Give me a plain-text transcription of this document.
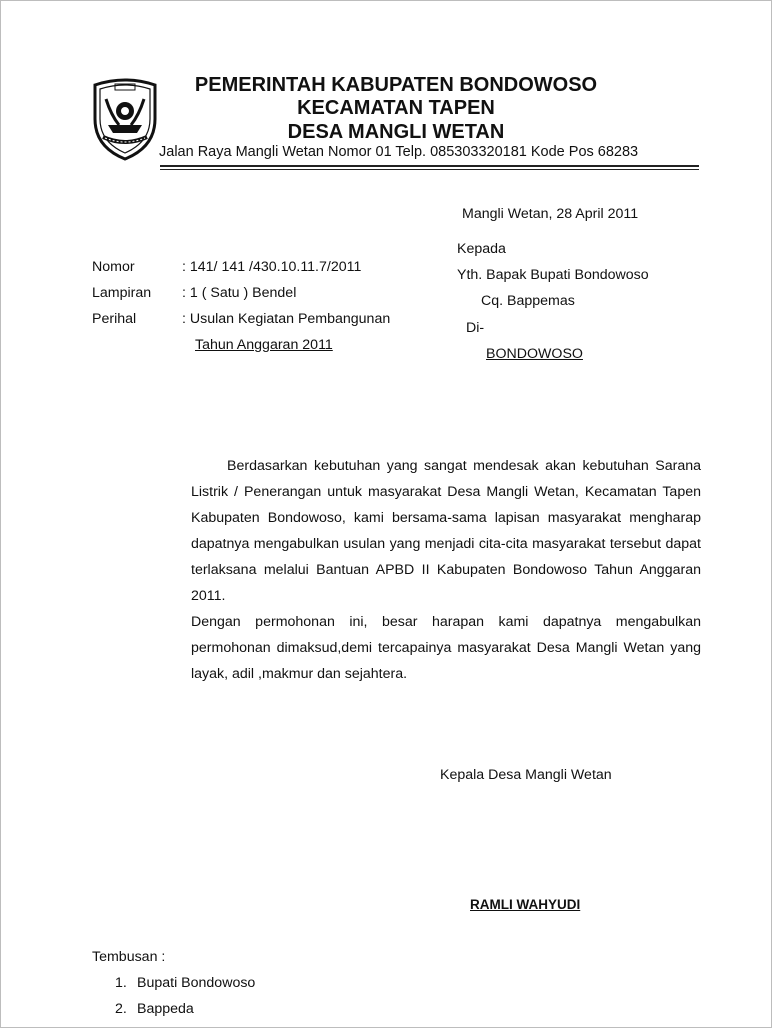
PEMERINTAH KABUPATEN BONDOWOSO
KECAMATAN TAPEN
DESA MANGLI WETAN
Jalan Raya Mangli Wetan Nomor 01 Telp. 085303320181 Kode Pos 68283
Mangli Wetan, 28 April 2011
Kepada
Yth. Bapak Bupati Bondowoso
Cq. Bappemas
Di-
BONDOWOSO
Nomor	: 141/ 141 /430.10.11.7/2011
Lampiran : 1 ( Satu ) Bendel
Perihal	: Usulan Kegiatan Pembangunan
Tahun Anggaran 2011

Berdasarkan kebutuhan yang sangat mendesak akan kebutuhan Sarana Listrik / Penerangan untuk masyarakat Desa Mangli Wetan, Kecamatan Tapen Kabupaten Bondowoso, kami bersama-sama lapisan masyarakat mengharap dapatnya mengabulkan usulan yang menjadi cita-cita masyarakat tersebut dapat terlaksana melalui Bantuan APBD II Kabupaten Bondowoso Tahun Anggaran 2011.

Dengan permohonan ini, besar harapan kami dapatnya mengabulkan permohonan dimaksud,demi tercapainya masyarakat Desa Mangli Wetan yang layak, adil ,makmur dan sejahtera.

Kepala Desa Mangli Wetan
RAMLI WAHYUDI
Tembusan :
1. Bupati Bondowoso
2. Bappeda
